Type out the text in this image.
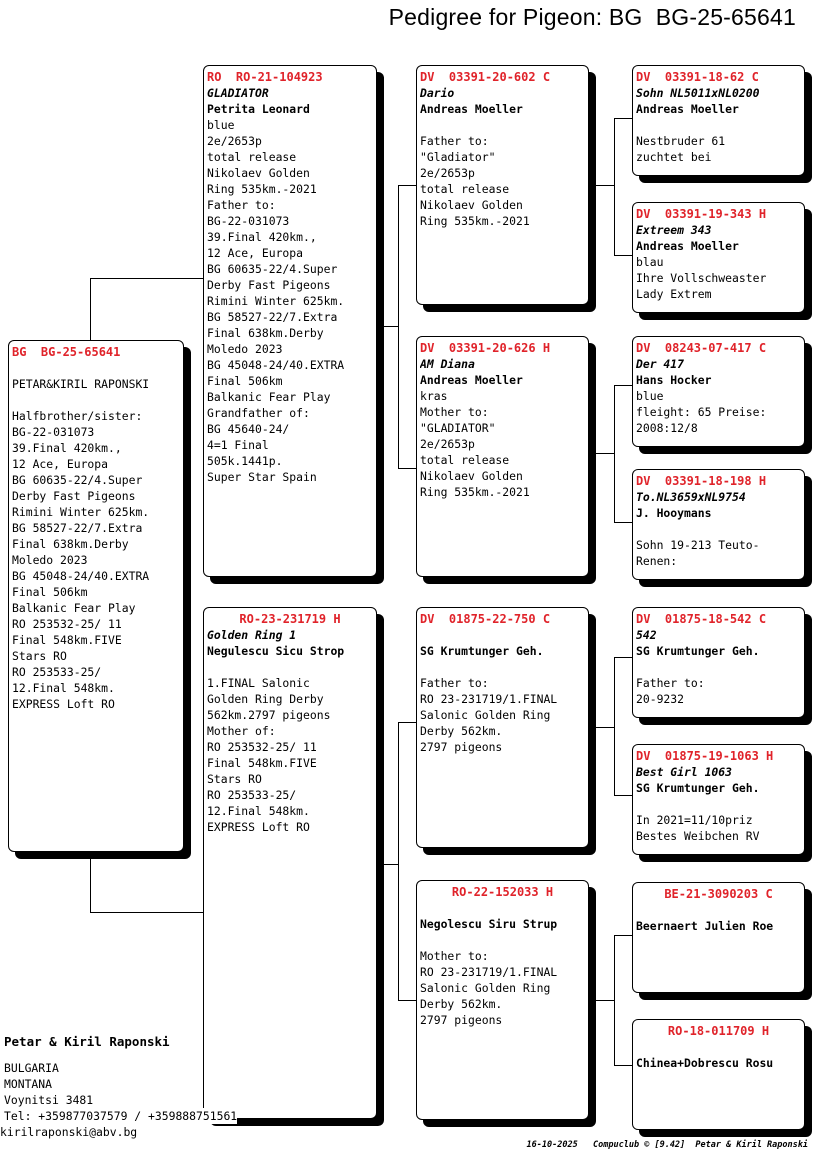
Pedigree for Pigeon: BG  BG-25-65641
BG  BG-25-65641
PETAR&KIRIL RAPONSKI
Halfbrother/sister:
BG-22-031073
39.Final 420km.,
12 Ace, Europa
BG 60635-22/4.Super
Derby Fast Pigeons
Rimini Winter 625km.
BG 58527-22/7.Extra
Final 638km.Derby
Moledo 2023
BG 45048-24/40.EXTRA
Final 506km
Balkanic Fear Play
RO 253532-25/ 11
Final 548km.FIVE
Stars RO
RO 253533-25/
12.Final 548km.
EXPRESS Loft RO
RO  RO-21-104923
GLADIATOR
Petrita Leonard
blue
2e/2653p
total release
Nikolaev Golden
Ring 535km.-2021
Father to:
BG-22-031073
39.Final 420km.,
12 Ace, Europa
BG 60635-22/4.Super
Derby Fast Pigeons
Rimini Winter 625km.
BG 58527-22/7.Extra
Final 638km.Derby
Moledo 2023
BG 45048-24/40.EXTRA
Final 506km
Balkanic Fear Play
Grandfather of:
BG 45640-24/
4=1 Final
505k.1441p.
Super Star Spain
RO-23-231719 H
Golden Ring 1
Negulescu Sicu Strop
1.FINAL Salonic
Golden Ring Derby
562km.2797 pigeons
Mother of:
RO 253532-25/ 11
Final 548km.FIVE
Stars RO
RO 253533-25/
12.Final 548km.
EXPRESS Loft RO
DV  03391-20-602 C
Dario
Andreas Moeller
Father to:
"Gladiator"
2e/2653p
total release
Nikolaev Golden
Ring 535km.-2021
DV  03391-20-626 H
AM Diana
Andreas Moeller
kras
Mother to:
"GLADIATOR"
2e/2653p
total release
Nikolaev Golden
Ring 535km.-2021
DV  01875-22-750 C
SG Krumtunger Geh.
Father to:
RO 23-231719/1.FINAL
Salonic Golden Ring
Derby 562km.
2797 pigeons
RO-22-152033 H
Negolescu Siru Strup
Mother to:
RO 23-231719/1.FINAL
Salonic Golden Ring
Derby 562km.
2797 pigeons
DV  03391-18-62 C
Sohn NL5011xNL0200
Andreas Moeller
Nestbruder 61
zuchtet bei
DV  03391-19-343 H
Extreem 343
Andreas Moeller
blau
Ihre Vollschweaster
Lady Extrem
DV  08243-07-417 C
Der 417
Hans Hocker
blue
fleight: 65 Preise:
2008:12/8
DV  03391-18-198 H
To.NL3659xNL9754
J. Hooymans
Sohn 19-213 Teuto-
Renen:
DV  01875-18-542 C
542
SG Krumtunger Geh.
Father to:
20-9232
DV  01875-19-1063 H
Best Girl 1063
SG Krumtunger Geh.
In 2021=11/10priz
Bestes Weibchen RV
BE-21-3090203 C
Beernaert Julien Roe
RO-18-011709 H
Chinea+Dobrescu Rosu
Petar & Kiril Raponski
BULGARIA
MONTANA
Voynitsi 3481
Tel: +359877037579 / +359888751561
kirilraponski@abv.bg
16-10-2025   Compuclub © [9.42]  Petar & Kiril Raponski
